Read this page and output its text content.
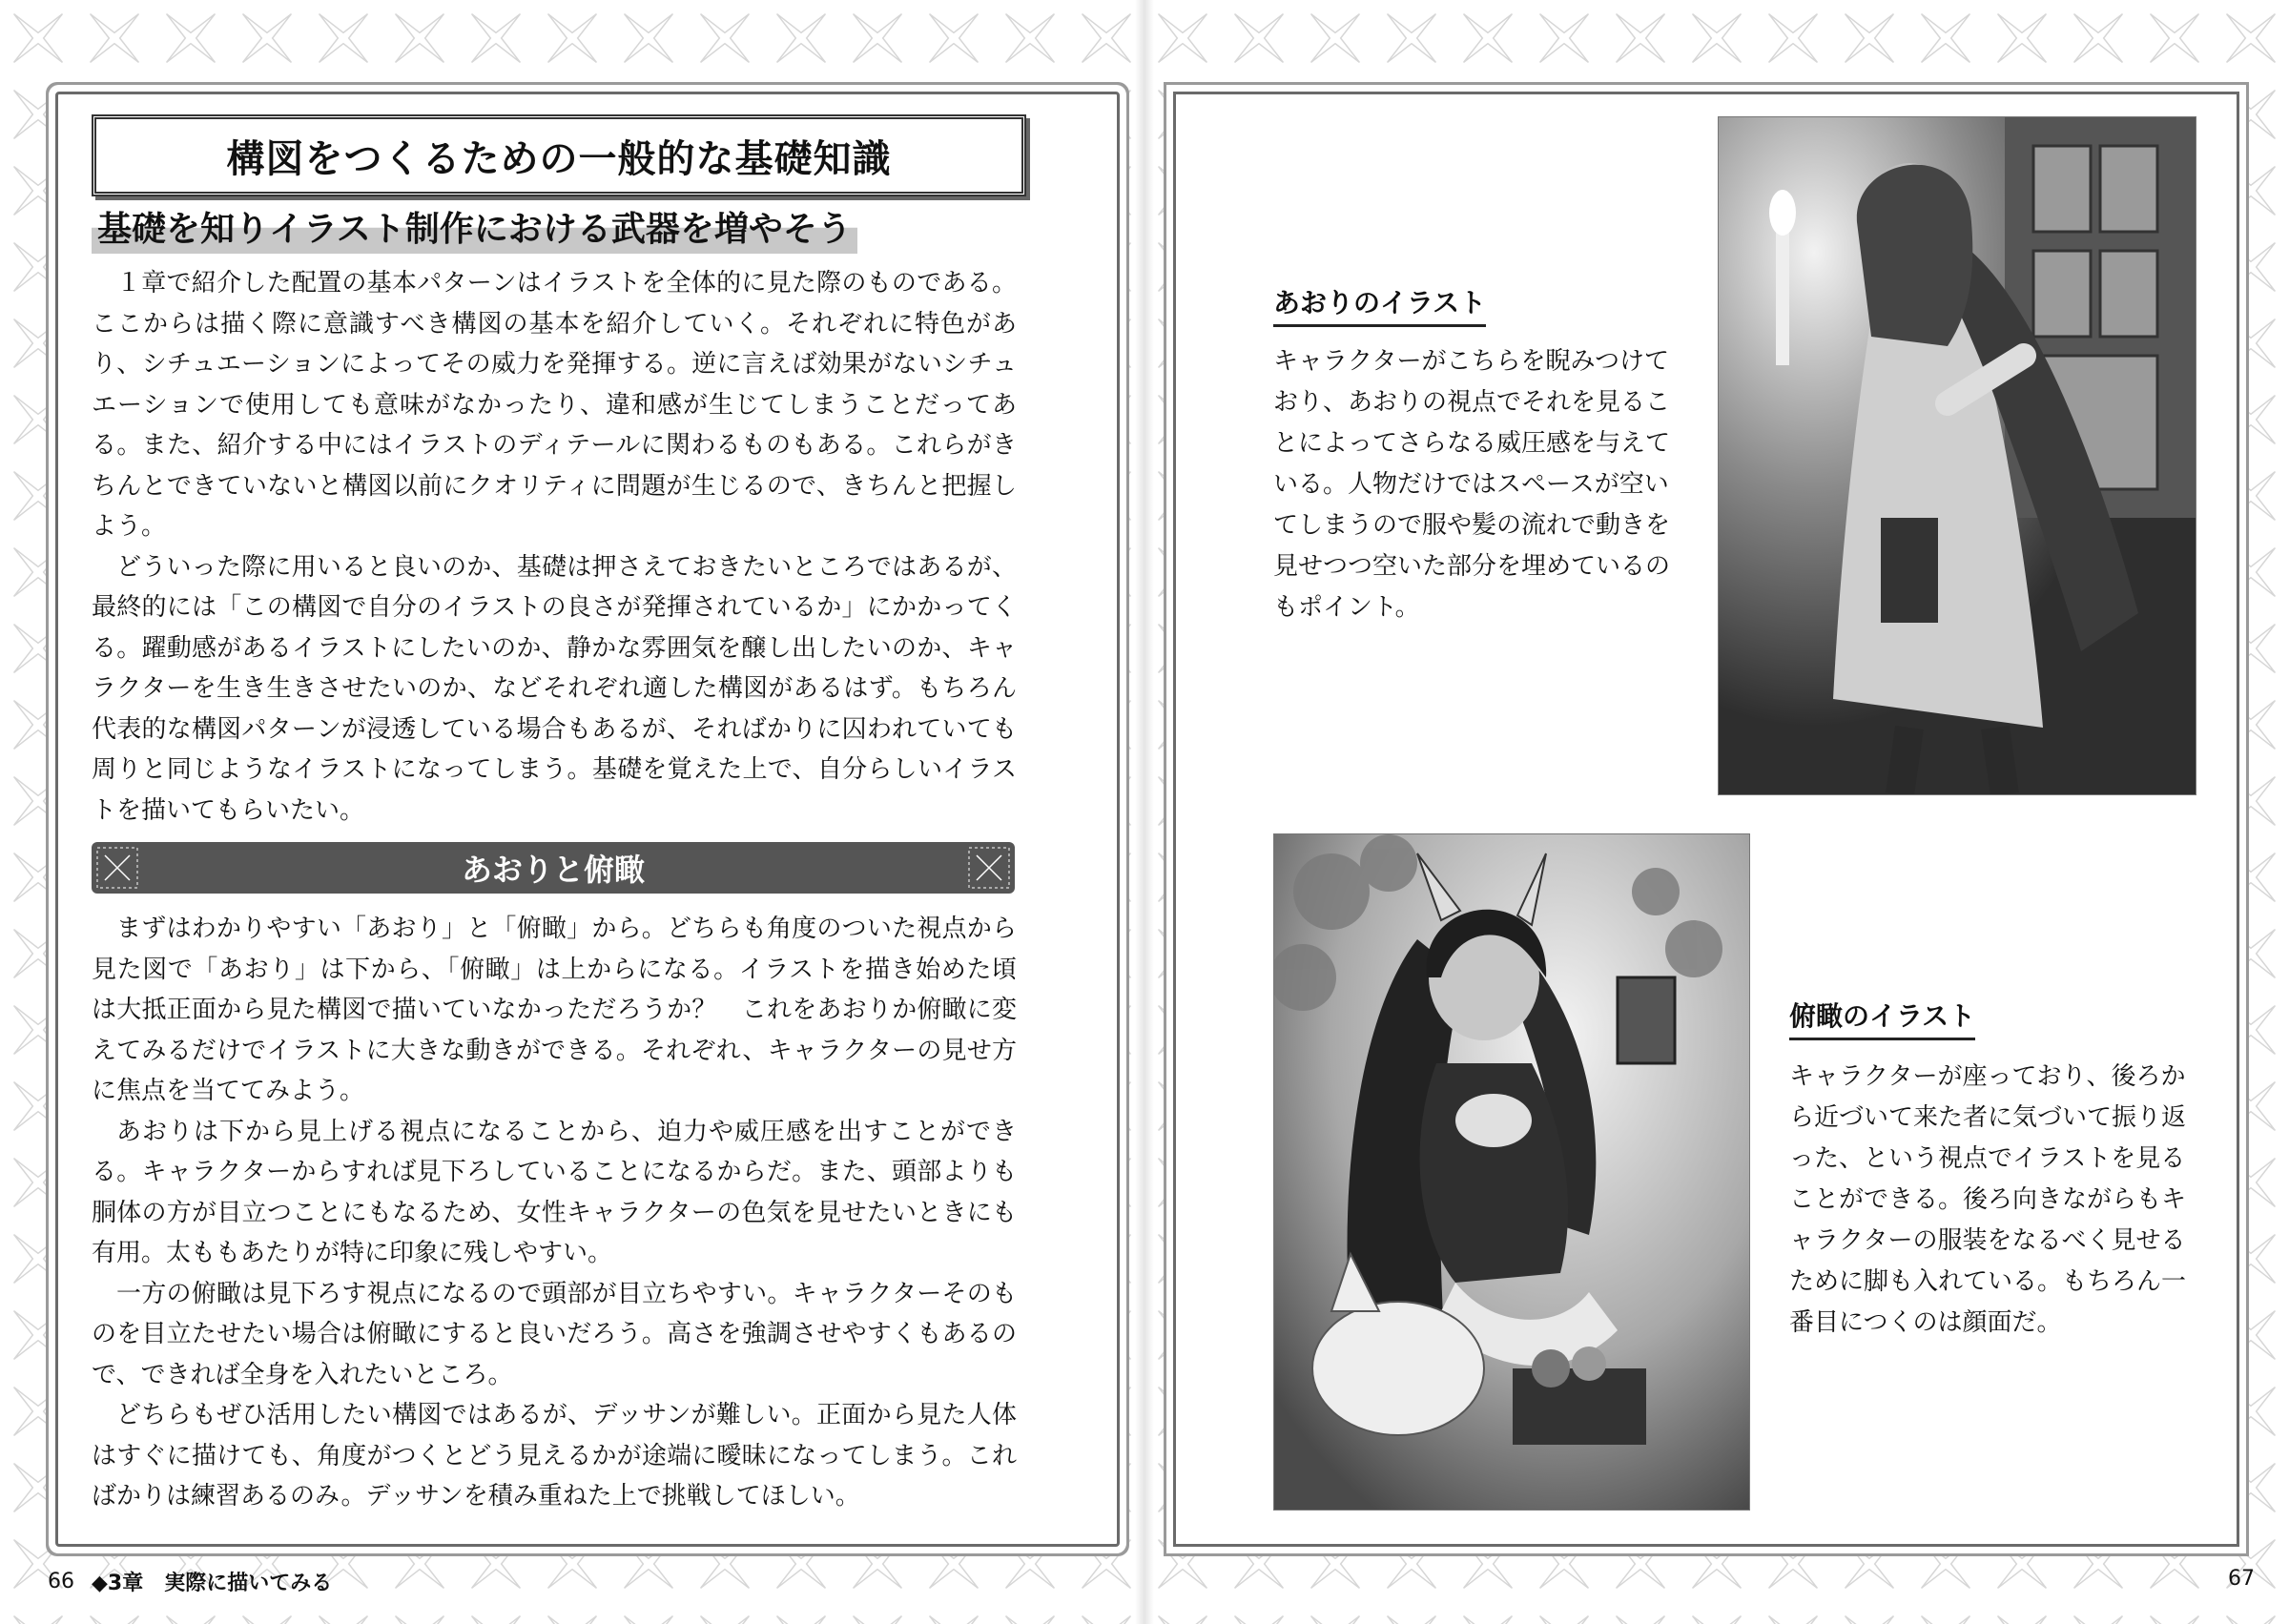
構図をつくるための一般的な基礎知識
基礎を知りイラスト制作における武器を増やそう

１章で紹介した配置の基本パターンはイラストを全体的に見た際のものである。ここからは描く際に意識すべき構図の基本を紹介していく。それぞれに特色があり、シチュエーションによってその威力を発揮する。逆に言えば効果がないシチュエーションで使用しても意味がなかったり、違和感が生じてしまうことだってある。また、紹介する中にはイラストのディテールに関わるものもある。これらがきちんとできていないと構図以前にクオリティに問題が生じるので、きちんと把握しよう。

どういった際に用いると良いのか、基礎は押さえておきたいところではあるが、最終的には「この構図で自分のイラストの良さが発揮されているか」にかかってくる。躍動感があるイラストにしたいのか、静かな雰囲気を醸し出したいのか、キャラクターを生き生きさせたいのか、などそれぞれ適した構図があるはず。もちろん代表的な構図パターンが浸透している場合もあるが、そればかりに囚われていても周りと同じようなイラストになってしまう。基礎を覚えた上で、自分らしいイラストを描いてもらいたい。

あおりと俯瞰

まずはわかりやすい「あおり」と「俯瞰」から。どちらも角度のついた視点から見た図で「あおり」は下から、「俯瞰」は上からになる。イラストを描き始めた頃は大抵正面から見た構図で描いていなかっただろうか？　これをあおりか俯瞰に変えてみるだけでイラストに大きな動きができる。それぞれ、キャラクターの見せ方に焦点を当ててみよう。

あおりは下から見上げる視点になることから、迫力や威圧感を出すことができる。キャラクターからすれば見下ろしていることになるからだ。また、頭部よりも胴体の方が目立つことにもなるため、女性キャラクターの色気を見せたいときにも有用。太ももあたりが特に印象に残しやすい。

一方の俯瞰は見下ろす視点になるので頭部が目立ちやすい。キャラクターそのものを目立たせたい場合は俯瞰にすると良いだろう。高さを強調させやすくもあるので、できれば全身を入れたいところ。

どちらもぜひ活用したい構図ではあるが、デッサンが難しい。正面から見た人体はすぐに描けても、角度がつくとどう見えるかが途端に曖昧になってしまう。こればかりは練習あるのみ。デッサンを積み重ねた上で挑戦してほしい。

66 ◆3章　実際に描いてみる
あおりのイラスト
キャラクターがこちらを睨みつけており、あおりの視点でそれを見ることによってさらなる威圧感を与えている。人物だけではスペースが空いてしまうので服や髪の流れで動きを見せつつ空いた部分を埋めているのもポイント。
俯瞰のイラスト
キャラクターが座っており、後ろから近づいて来た者に気づいて振り返った、という視点でイラストを見ることができる。後ろ向きながらもキャラクターの服装をなるべく見せるために脚も入れている。もちろん一番目につくのは顔面だ。
67
